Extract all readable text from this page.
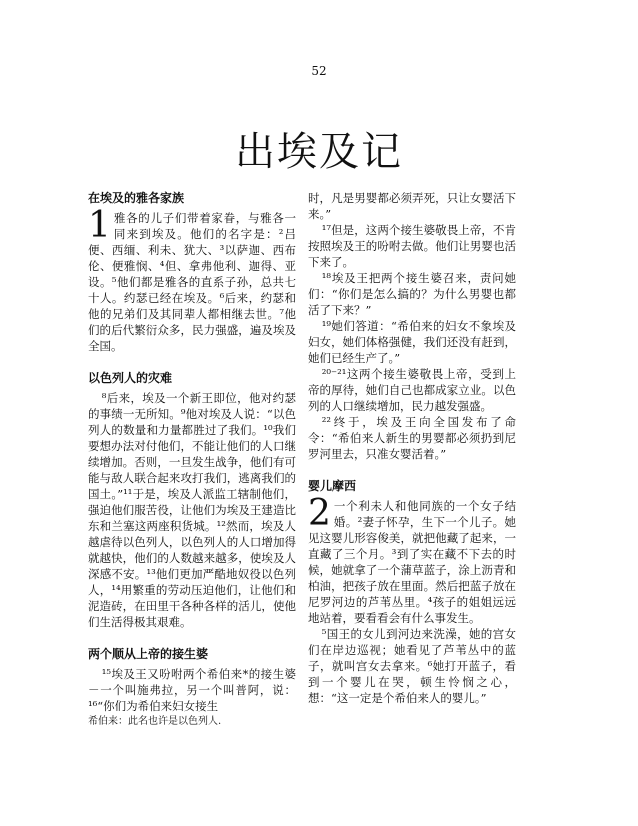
52
出埃及记
在埃及的雅各家族
1 雅各的儿子们带着家眷，与雅各一同来到埃及。他们的名字是：²吕便、西缅、利未、犹大、³以萨迦、西布伦、便雅悯、⁴但、拿弗他利、迦得、亚设。⁵他们都是雅各的直系子孙，总共七十人。约瑟已经在埃及。⁶后来，约瑟和他的兄弟们及其同辈人都相继去世。⁷他们的后代繁衍众多，民力强盛，遍及埃及全国。

以色列人的灾难

⁸后来，埃及一个新王即位，他对约瑟的事绩一无所知。⁹他对埃及人说：“以色列人的数量和力量都胜过了我们。¹⁰我们要想办法对付他们，不能让他们的人口继续增加。否则，一旦发生战争，他们有可能与敌人联合起来攻打我们，逃离我们的国土。”¹¹于是，埃及人派监工辖制他们，强迫他们服苦役，让他们为埃及王建造比东和兰塞这两座积货城。¹²然而，埃及人越虐待以色列人，以色列人的人口增加得就越快，他们的人数越来越多，使埃及人深感不安。¹³他们更加严酷地奴役以色列人，¹⁴用繁重的劳动压迫他们，让他们和泥造砖，在田里干各种各样的活儿，使他们生活得极其艰难。

两个顺从上帝的接生婆

¹⁵埃及王又吩咐两个希伯来*的接生婆－一个叫施弗拉，另一个叫普阿，说：¹⁶“你们为希伯来妇女接生

希伯来：此名也许是以色列人.

时，凡是男婴都必须弄死，只让女婴活下来。”

¹⁷但是，这两个接生婆敬畏上帝，不肯按照埃及王的吩咐去做。他们让男婴也活下来了。

¹⁸埃及王把两个接生婆召来，责问她们：“你们是怎么搞的？为什么男婴也都活了下来？”

¹⁹她们答道：“希伯来的妇女不象埃及妇女，她们体格强健，我们还没有赶到，她们已经生产了。”

²⁰⁻²¹这两个接生婆敬畏上帝，受到上帝的厚待，她们自己也都成家立业。以色列的人口继续增加，民力越发强盛。

²²终于，埃及王向全国发布了命令：“希伯来人新生的男婴都必须扔到尼罗河里去，只准女婴活着。”

婴儿摩西
2 一个利未人和他同族的一个女子结婚。²妻子怀孕，生下一个儿子。她见这婴儿形容俊美，就把他藏了起来，一直藏了三个月。³到了实在藏不下去的时候，她就拿了一个蒲草蓝子，涂上沥青和柏油，把孩子放在里面。然后把蓝子放在尼罗河边的芦苇丛里。⁴孩子的姐姐远远地站着，要看看会有什么事发生。

⁵国王的女儿到河边来洗澡，她的宫女们在岸边巡视；她看见了芦苇丛中的蓝子，就叫宫女去拿来。⁶她打开蓝子，看到一个婴儿在哭，顿生怜悯之心，想：“这一定是个希伯来人的婴儿。”
